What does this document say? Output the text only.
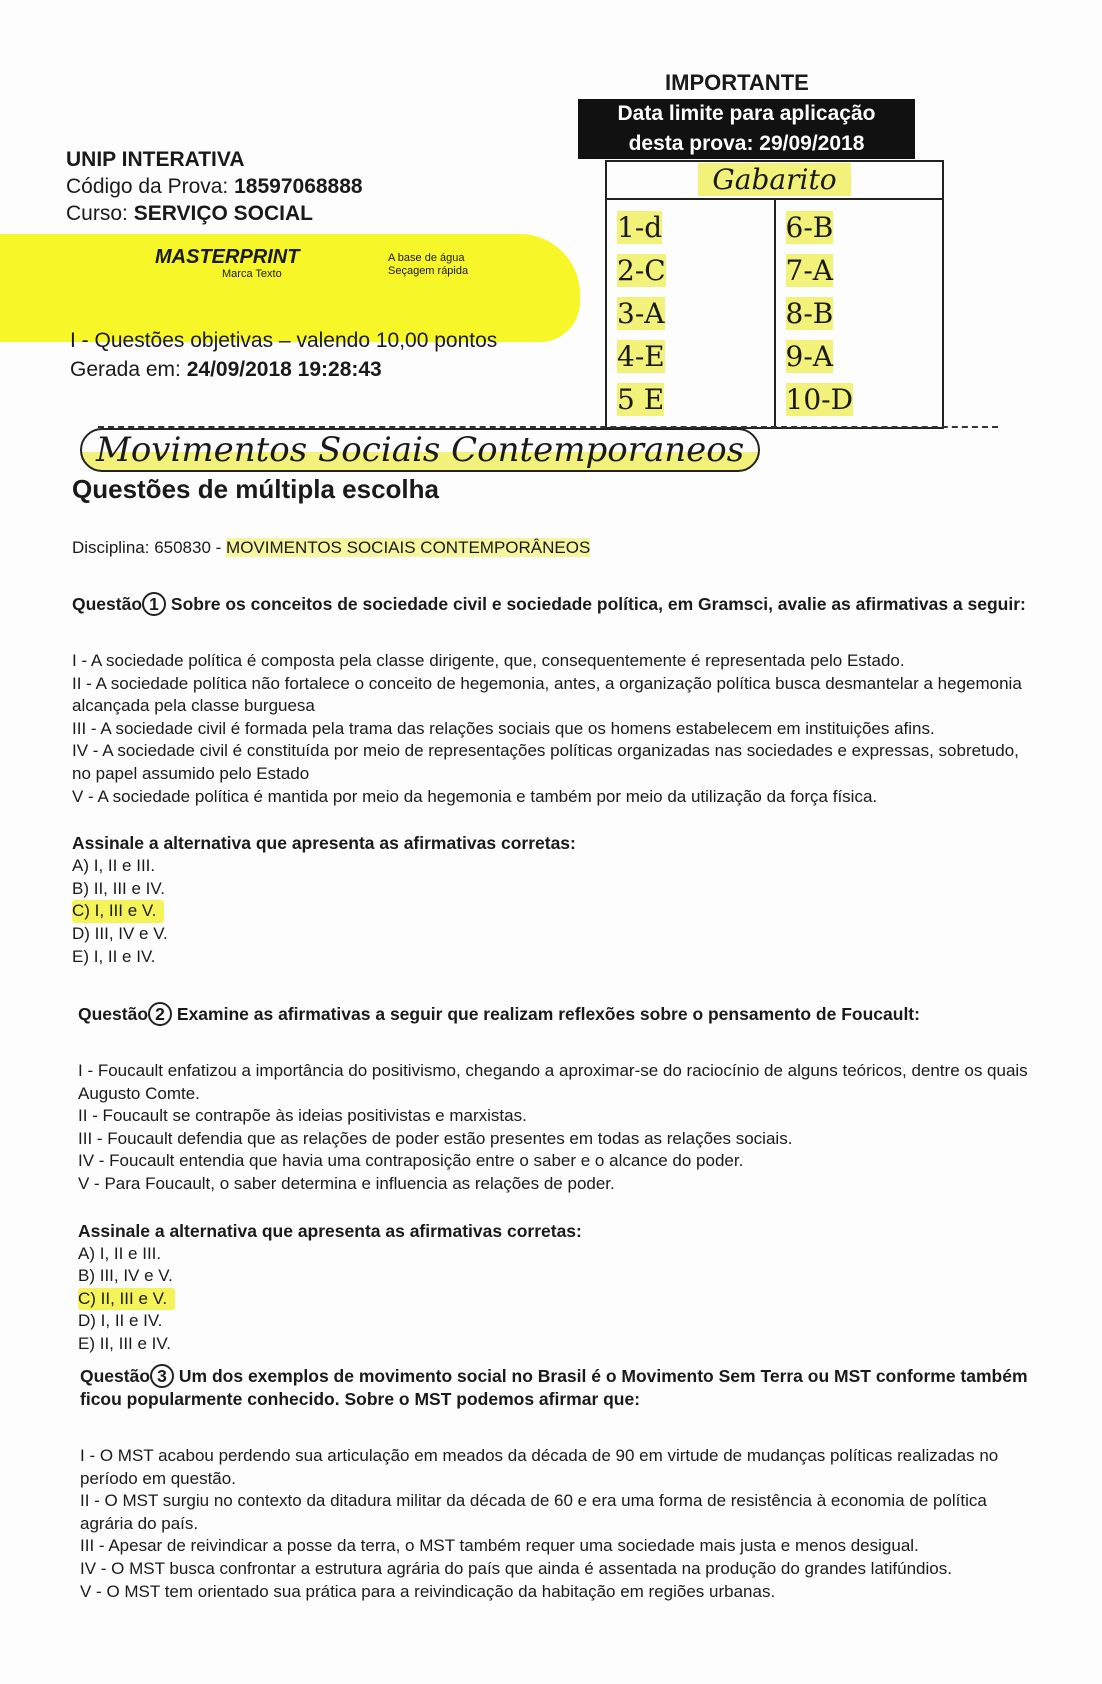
UNIP INTERATIVA
Código da Prova: 18597068888
Curso: SERVIÇO SOCIAL
MASTERPRINT
Marca Texto
A base de água
Seçagem rápida
I - Questões objetivas – valendo 10,00 pontos
Gerada em: 24/09/2018 19:28:43
IMPORTANTE
Data limite para aplicação
desta prova: 29/09/2018
Gabarito
1-d
2-C
3-A
4-E
5 E
6-B
7-A
8-B
9-A
10-D
Movimentos Sociais Contemporaneos
Questões de múltipla escolha
Disciplina: 650830 - MOVIMENTOS SOCIAIS CONTEMPORÂNEOS
Questão 1 Sobre os conceitos de sociedade civil e sociedade política, em Gramsci, avalie as afirmativas a seguir:
I - A sociedade política é composta pela classe dirigente, que, consequentemente é representada pelo Estado.
II - A sociedade política não fortalece o conceito de hegemonia, antes, a organização política busca desmantelar a hegemonia alcançada pela classe burguesa
III - A sociedade civil é formada pela trama das relações sociais que os homens estabelecem em instituições afins.
IV - A sociedade civil é constituída por meio de representações políticas organizadas nas sociedades e expressas, sobretudo, no papel assumido pelo Estado
V - A sociedade política é mantida por meio da hegemonia e também por meio da utilização da força física.
Assinale a alternativa que apresenta as afirmativas corretas:
A) I, II e III.
B) II, III e IV.
C) I, III e V.
D) III, IV e V.
E) I, II e IV.
Questão 2 Examine as afirmativas a seguir que realizam reflexões sobre o pensamento de Foucault:
I - Foucault enfatizou a importância do positivismo, chegando a aproximar-se do raciocínio de alguns teóricos, dentre os quais Augusto Comte.
II - Foucault se contrapõe às ideias positivistas e marxistas.
III - Foucault defendia que as relações de poder estão presentes em todas as relações sociais.
IV - Foucault entendia que havia uma contraposição entre o saber e o alcance do poder.
V - Para Foucault, o saber determina e influencia as relações de poder.
Assinale a alternativa que apresenta as afirmativas corretas:
A) I, II e III.
B) III, IV e V.
C) II, III e V.
D) I, II e IV.
E) II, III e IV.
Questão 3 Um dos exemplos de movimento social no Brasil é o Movimento Sem Terra ou MST conforme também ficou popularmente conhecido. Sobre o MST podemos afirmar que:
I - O MST acabou perdendo sua articulação em meados da década de 90 em virtude de mudanças políticas realizadas no período em questão.
II - O MST surgiu no contexto da ditadura militar da década de 60 e era uma forma de resistência à economia de política agrária do país.
III - Apesar de reivindicar a posse da terra, o MST também requer uma sociedade mais justa e menos desigual.
IV - O MST busca confrontar a estrutura agrária do país que ainda é assentada na produção do grandes latifúndios.
V - O MST tem orientado sua prática para a reivindicação da habitação em regiões urbanas.
